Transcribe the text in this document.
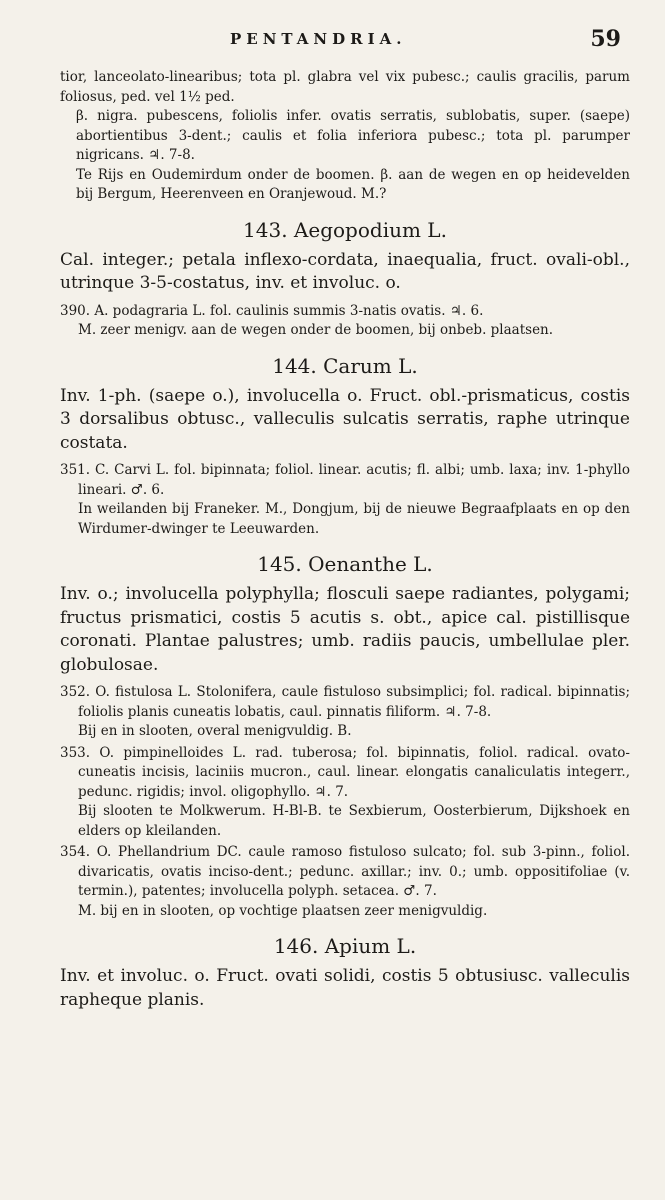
PENTANDRIA.	59

tior, lanceolato-linearibus; tota pl. glabra vel vix pubesc.; caulis gracilis, parum foliosus, ped. vel 1½ ped.

β. nigra. pubescens, foliolis infer. ovatis serratis, sublobatis, super. (saepe) abortientibus 3-dent.; caulis et folia inferiora pubesc.; tota pl. parumper nigricans. ♃. 7-8.

Te Rijs en Oudemirdum onder de boomen. β. aan de wegen en op heidevelden bij Bergum, Heerenveen en Oranjewoud. M.?

143. Aegopodium L.

Cal. integer.; petala inflexo-cordata, inaequalia, fruct. ovali-obl., utrinque 3-5-costatus, inv. et involuc. o.

390. A. podagraria L. fol. caulinis summis 3-natis ovatis. ♃. 6.

M. zeer menigv. aan de wegen onder de boomen, bij onbeb. plaatsen.

144. Carum L.

Inv. 1-ph. (saepe o.), involucella o. Fruct. obl.-prismaticus, costis 3 dorsalibus obtusc., valleculis sulcatis serratis, raphe utrinque costata.

351. C. Carvi L. fol. bipinnata; foliol. linear. acutis; fl. albi; umb. laxa; inv. 1-phyllo lineari. ♂. 6.

In weilanden bij Franeker. M., Dongjum, bij de nieuwe Begraafplaats en op den Wirdumer-dwinger te Leeuwarden.

145. Oenanthe L.

Inv. o.; involucella polyphylla; flosculi saepe radiantes, polygami; fructus prismatici, costis 5 acutis s. obt., apice cal. pistillisque coronati. Plantae palustres; umb. radiis paucis, umbellulae pler. globulosae.

352. O. fistulosa L. Stolonifera, caule fistuloso subsimplici; fol. radical. bipinnatis; foliolis planis cuneatis lobatis, caul. pinnatis filiform. ♃. 7-8.

Bij en in slooten, overal menigvuldig. B.

353. O. pimpinelloides L. rad. tuberosa; fol. bipinnatis, foliol. radical. ovato-cuneatis incisis, laciniis mucron., caul. linear. elongatis canaliculatis integerr., pedunc. rigidis; invol. oligophyllo. ♃. 7.

Bij slooten te Molkwerum. H-Bl-B. te Sexbierum, Oosterbierum, Dijkshoek en elders op kleilanden.

354. O. Phellandrium DC. caule ramoso fistuloso sulcato; fol. sub 3-pinn., foliol. divaricatis, ovatis inciso-dent.; pedunc. axillar.; inv. 0.; umb. oppositifoliae (v. termin.), patentes; involucella polyph. setacea. ♂. 7.

M. bij en in slooten, op vochtige plaatsen zeer menigvuldig.

146. Apium L.

Inv. et involuc. o. Fruct. ovati solidi, costis 5 obtusiusc. valleculis rapheque planis.
